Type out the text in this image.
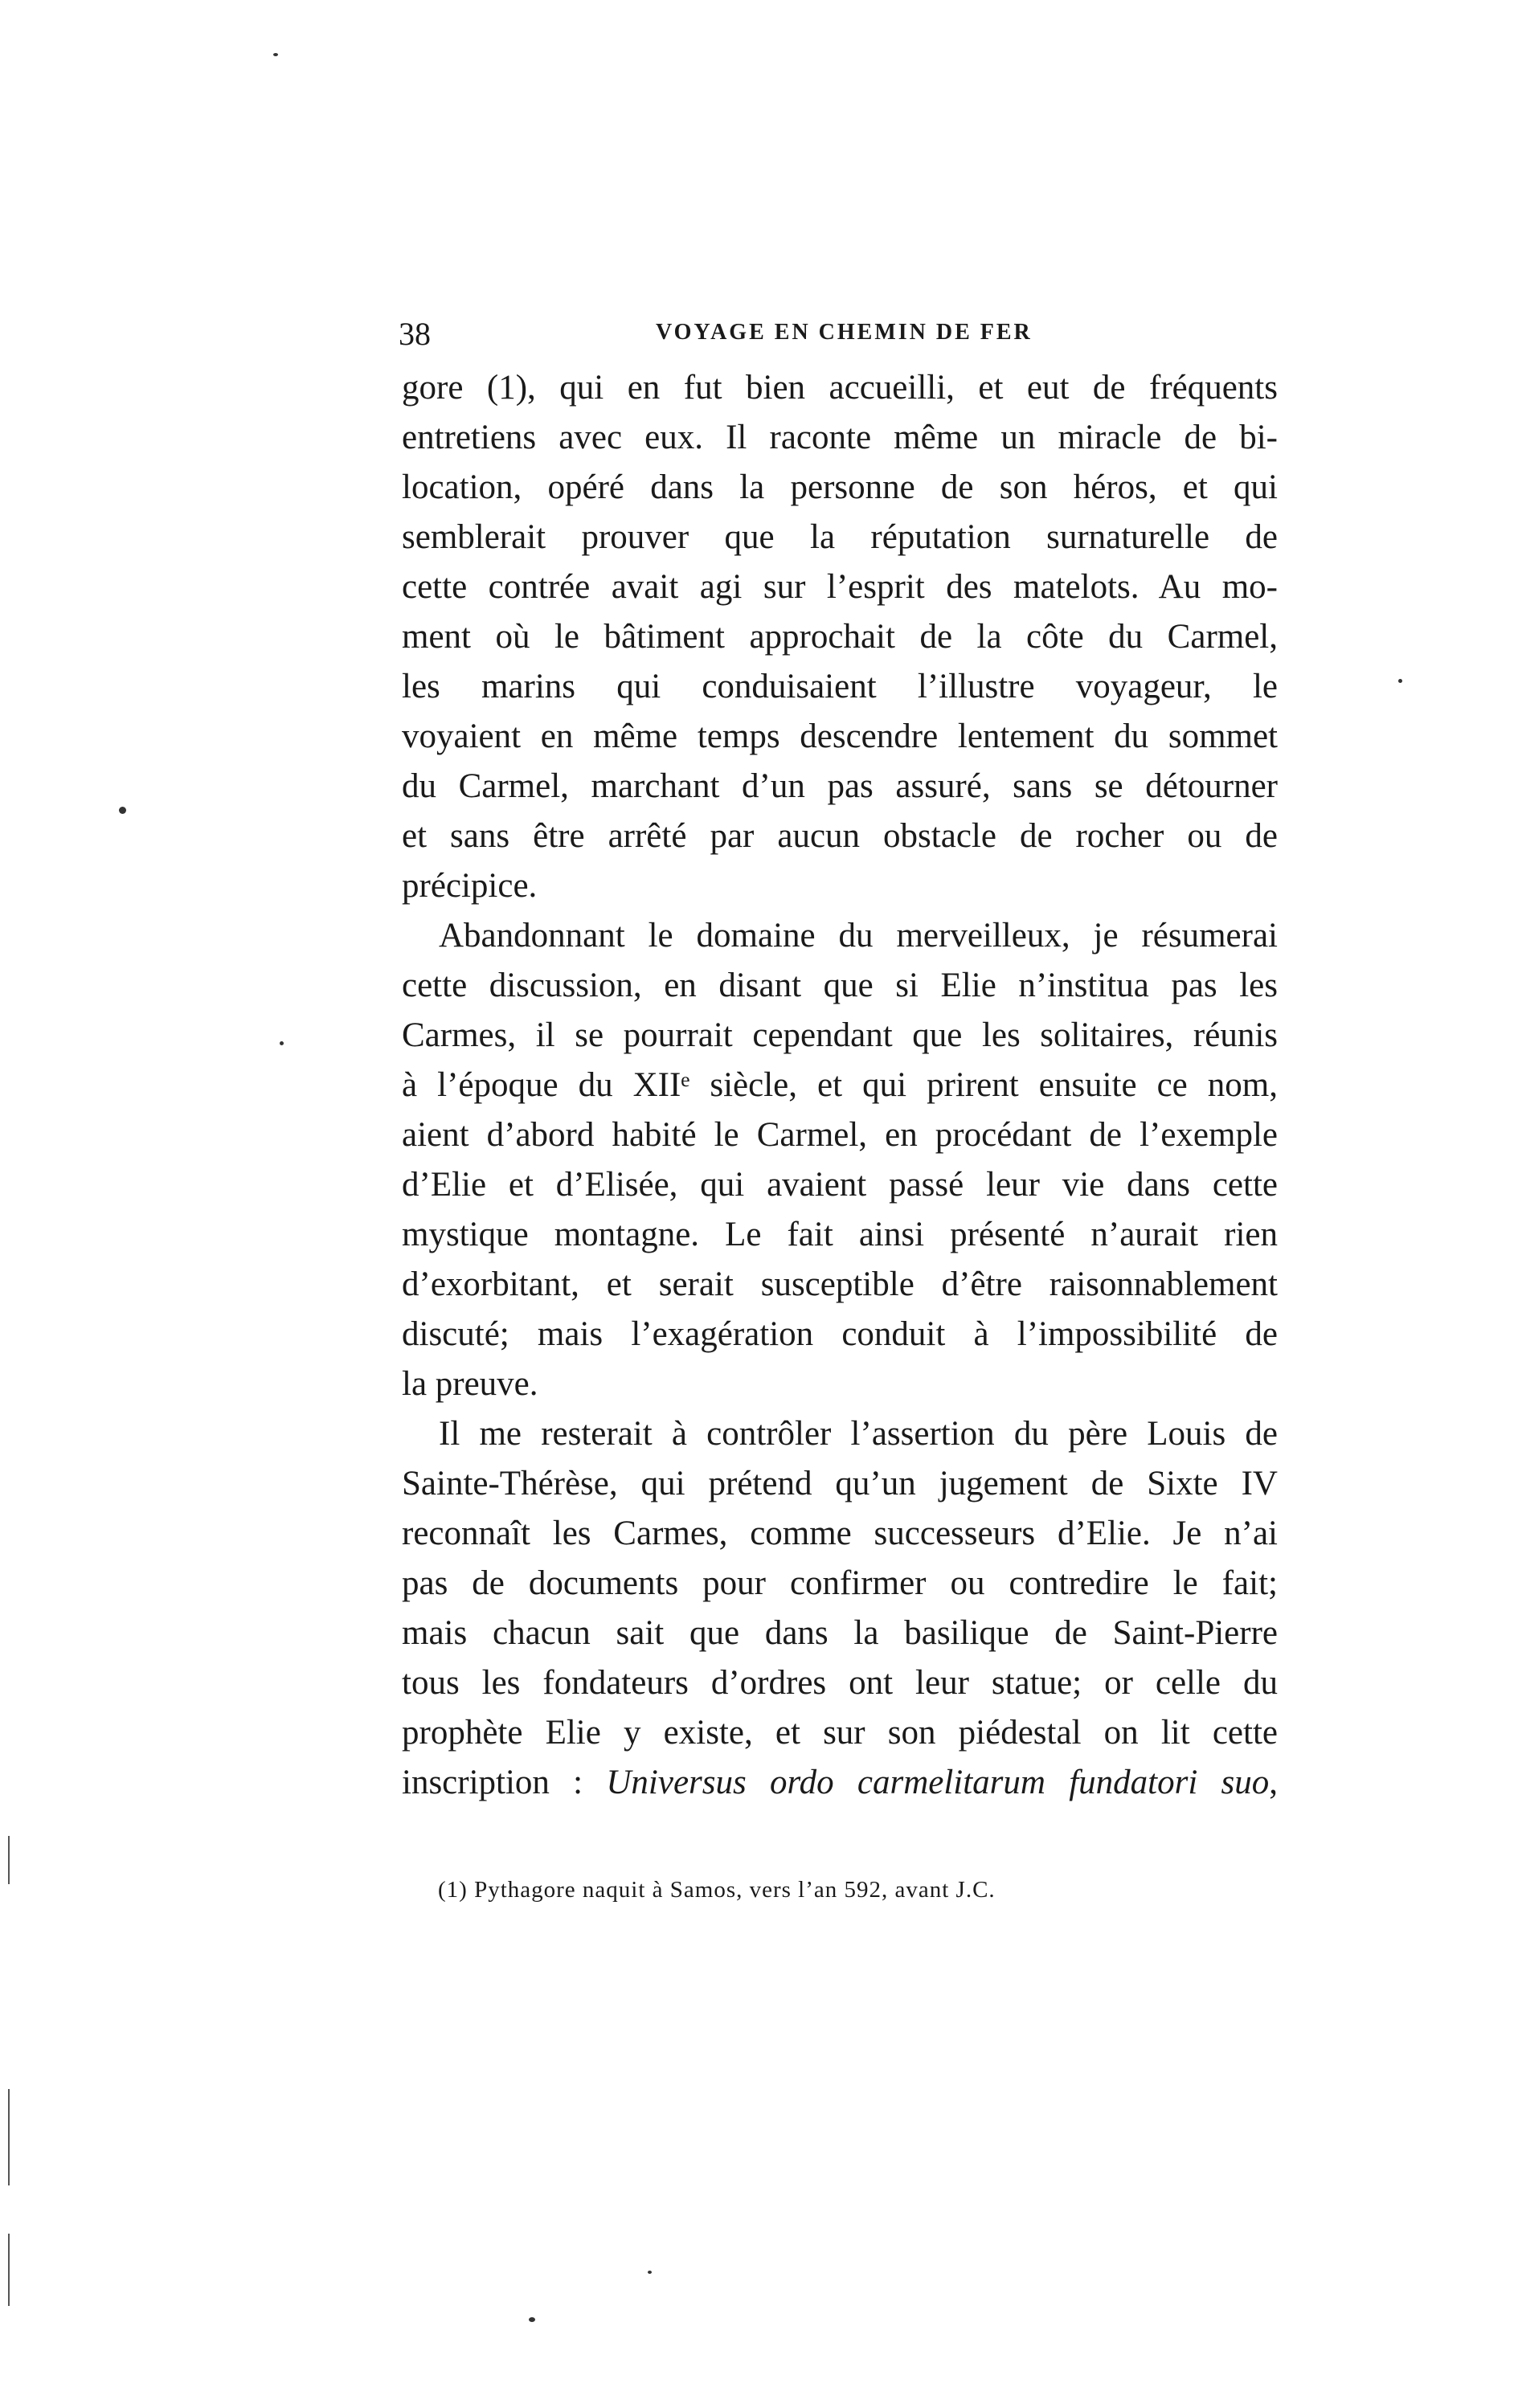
38	VOYAGE EN CHEMIN DE FER
gore (1), qui en fut bien accueilli, et eut de fréquents
entretiens avec eux. Il raconte même un miracle de bi-
location, opéré dans la personne de son héros, et qui
semblerait prouver que la réputation surnaturelle de
cette contrée avait agi sur l’esprit des matelots. Au mo-
ment où le bâtiment approchait de la côte du Carmel,
les marins qui conduisaient l’illustre voyageur, le
voyaient en même temps descendre lentement du sommet
du Carmel, marchant d’un pas assuré, sans se détourner
et sans être arrêté par aucun obstacle de rocher ou de
précipice.
Abandonnant le domaine du merveilleux, je résumerai
cette discussion, en disant que si Elie n’institua pas les
Carmes, il se pourrait cependant que les solitaires, réunis
à l’époque du XIIᵉ siècle, et qui prirent ensuite ce nom,
aient d’abord habité le Carmel, en procédant de l’exemple
d’Elie et d’Elisée, qui avaient passé leur vie dans cette
mystique montagne. Le fait ainsi présenté n’aurait rien
d’exorbitant, et serait susceptible d’être raisonnablement
discuté; mais l’exagération conduit à l’impossibilité de
la preuve.
Il me resterait à contrôler l’assertion du père Louis de
Sainte-Thérèse, qui prétend qu’un jugement de Sixte IV
reconnaît les Carmes, comme successeurs d’Elie. Je n’ai
pas de documents pour confirmer ou contredire le fait;
mais chacun sait que dans la basilique de Saint-Pierre
tous les fondateurs d’ordres ont leur statue; or celle du
prophète Elie y existe, et sur son piédestal on lit cette
inscription : Universus ordo carmelitarum fundatori suo,
(1) Pythagore naquit à Samos, vers l’an 592, avant J.C.
